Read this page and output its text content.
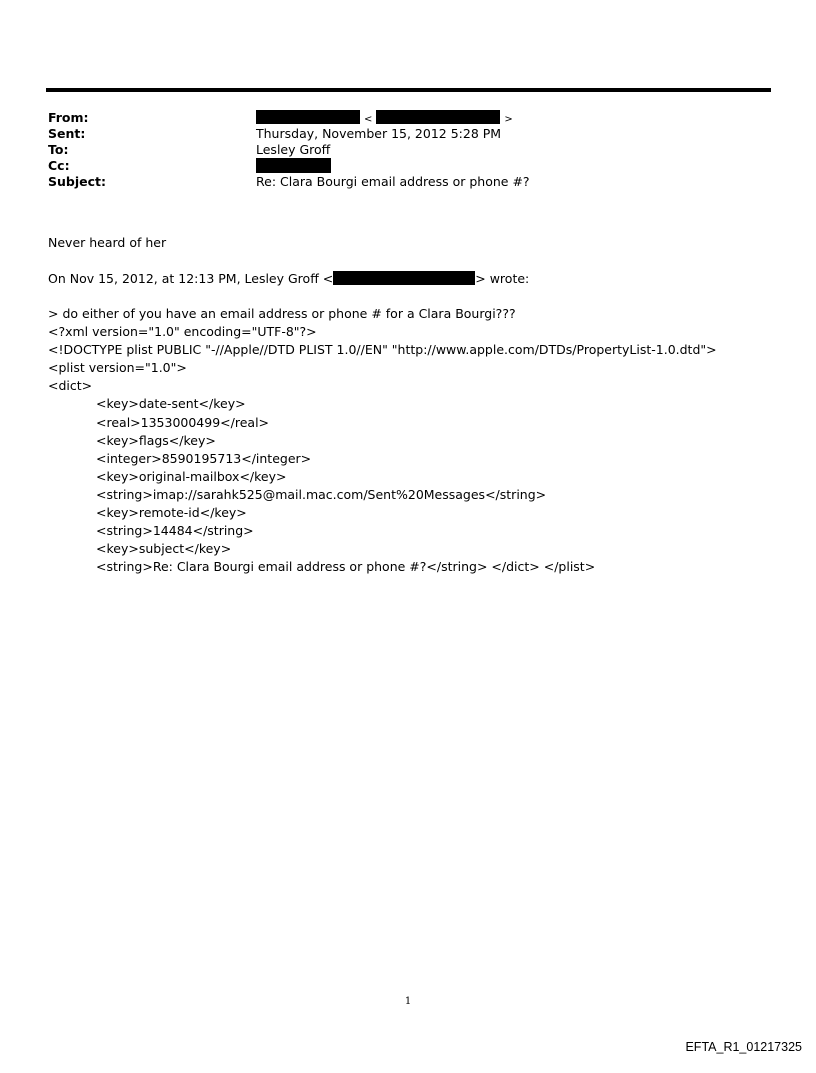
From:	<	>
Sent:	Thursday, November 15, 2012 5:28 PM
To:	Lesley Groff
Cc:
Subject:	Re: Clara Bourgi email address or phone #?
Never heard of her
On Nov 15, 2012, at 12:13 PM, Lesley Groff <	> wrote:
> do either of you have an email address or phone # for a Clara Bourgi???
<?xml version="1.0" encoding="UTF-8"?>
<!DOCTYPE plist PUBLIC "-//Apple//DTD PLIST 1.0//EN" "http://www.apple.com/DTDs/PropertyList-1.0.dtd">
<plist version="1.0">
<dict>
<key>date-sent</key>
<real>1353000499</real>
<key>flags</key>
<integer>8590195713</integer>
<key>original-mailbox</key>
<string>imap://sarahk525@mail.mac.com/Sent%20Messages</string>
<key>remote-id</key>
<string>14484</string>
<key>subject</key>
<string>Re: Clara Bourgi email address or phone #?</string> </dict> </plist>
1
EFTA_R1_01217325
